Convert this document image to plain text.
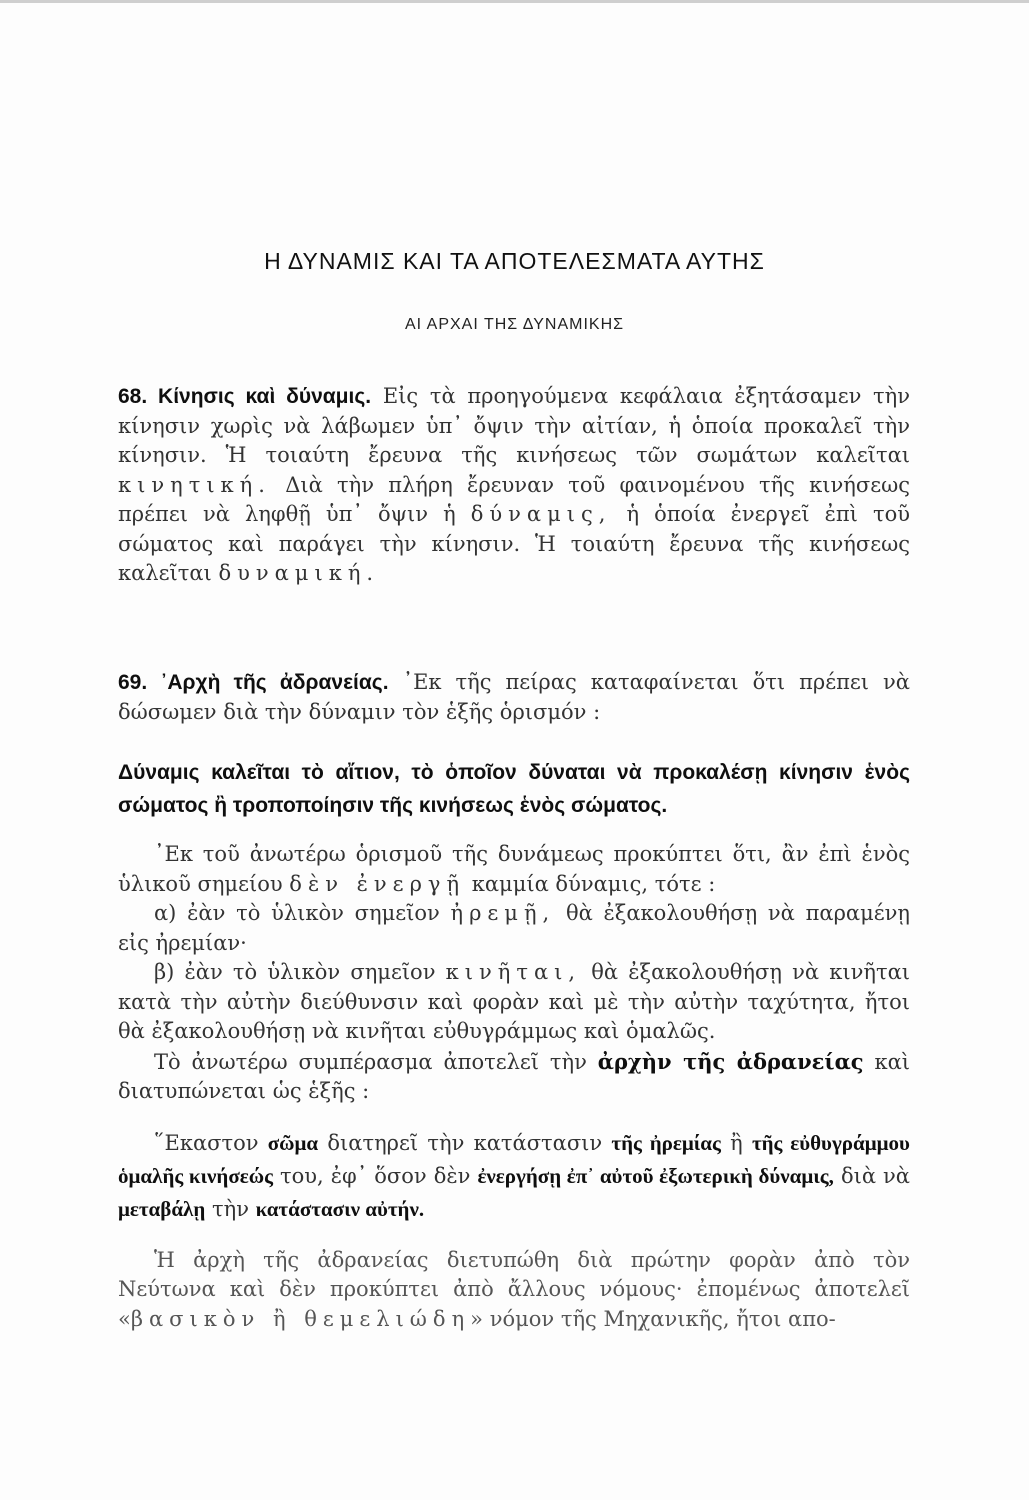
Η ΔΥΝΑΜΙΣ ΚΑΙ ΤΑ ΑΠΟΤΕΛΕΣΜΑΤΑ ΑΥΤΗΣ
ΑΙ ΑΡΧΑΙ ΤΗΣ ΔΥΝΑΜΙΚΗΣ

68. Κίνησις καὶ δύναμις. Εἰς τὰ προηγούμενα κεφάλαια ἐξητάσαμεν τὴν κίνησιν χωρὶς νὰ λάβωμεν ὑπ᾽ ὄψιν τὴν αἰτίαν, ἡ ὁποία προκαλεῖ τὴν κίνησιν. Ἡ τοιαύτη ἔρευνα τῆς κινήσεως τῶν σωμάτων καλεῖται κινητική. Διὰ τὴν πλήρη ἔρευναν τοῦ φαινομένου τῆς κινήσεως πρέπει νὰ ληφθῇ ὑπ᾽ ὄψιν ἡ δύναμις, ἡ ὁποία ἐνεργεῖ ἐπὶ τοῦ σώματος καὶ παράγει τὴν κίνησιν. Ἡ τοιαύτη ἔρευνα τῆς κινήσεως καλεῖται δυναμική.

69. ᾿Αρχὴ τῆς ἀδρανείας. ᾿Εκ τῆς πείρας καταφαίνεται ὅτι πρέπει νὰ δώσωμεν διὰ τὴν δύναμιν τὸν ἑξῆς ὁρισμόν :

Δύναμις καλεῖται τὸ αἴτιον, τὸ ὁποῖον δύναται νὰ προκαλέσῃ κίνησιν ἑνὸς σώματος ἢ τροποποίησιν τῆς κινήσεως ἑνὸς σώματος.

᾿Εκ τοῦ ἀνωτέρω ὁρισμοῦ τῆς δυνάμεως προκύπτει ὅτι, ἂν ἐπὶ ἑνὸς ὑλικοῦ σημείου δὲν ἐνεργῇ καμμία δύναμις, τότε :

α) ἐὰν τὸ ὑλικὸν σημεῖον ἠρεμῇ, θὰ ἐξακολουθήσῃ νὰ παραμένῃ εἰς ἠρεμίαν·

β) ἐὰν τὸ ὑλικὸν σημεῖον κινῆται, θὰ ἐξακολουθήσῃ νὰ κινῆται κατὰ τὴν αὐτὴν διεύθυνσιν καὶ φορὰν καὶ μὲ τὴν αὐτὴν ταχύτητα, ἤτοι θὰ ἐξακολουθήσῃ νὰ κινῆται εὐθυγράμμως καὶ ὁμαλῶς.

Τὸ ἀνωτέρω συμπέρασμα ἀποτελεῖ τὴν ἀρχὴν τῆς ἀδρανείας καὶ διατυπώνεται ὡς ἑξῆς :

῞Εκαστον σῶμα διατηρεῖ τὴν κατάστασιν τῆς ἠρεμίας ἢ τῆς εὐθυγράμμου ὁμαλῆς κινήσεώς του, ἐφ᾽ ὅσον δὲν ἐνεργήσῃ ἐπ᾽ αὐτοῦ ἐξωτερικὴ δύναμις, διὰ νὰ μεταβάλῃ τὴν κατάστασιν αὐτήν.

Ἡ ἀρχὴ τῆς ἀδρανείας διετυπώθη διὰ πρώτην φορὰν ἀπὸ τὸν Νεύτωνα καὶ δὲν προκύπτει ἀπὸ ἄλλους νόμους· ἐπομένως ἀποτελεῖ «βασικὸν ἢ θεμελιώδη» νόμον τῆς Μηχανικῆς, ἤτοι απο-
